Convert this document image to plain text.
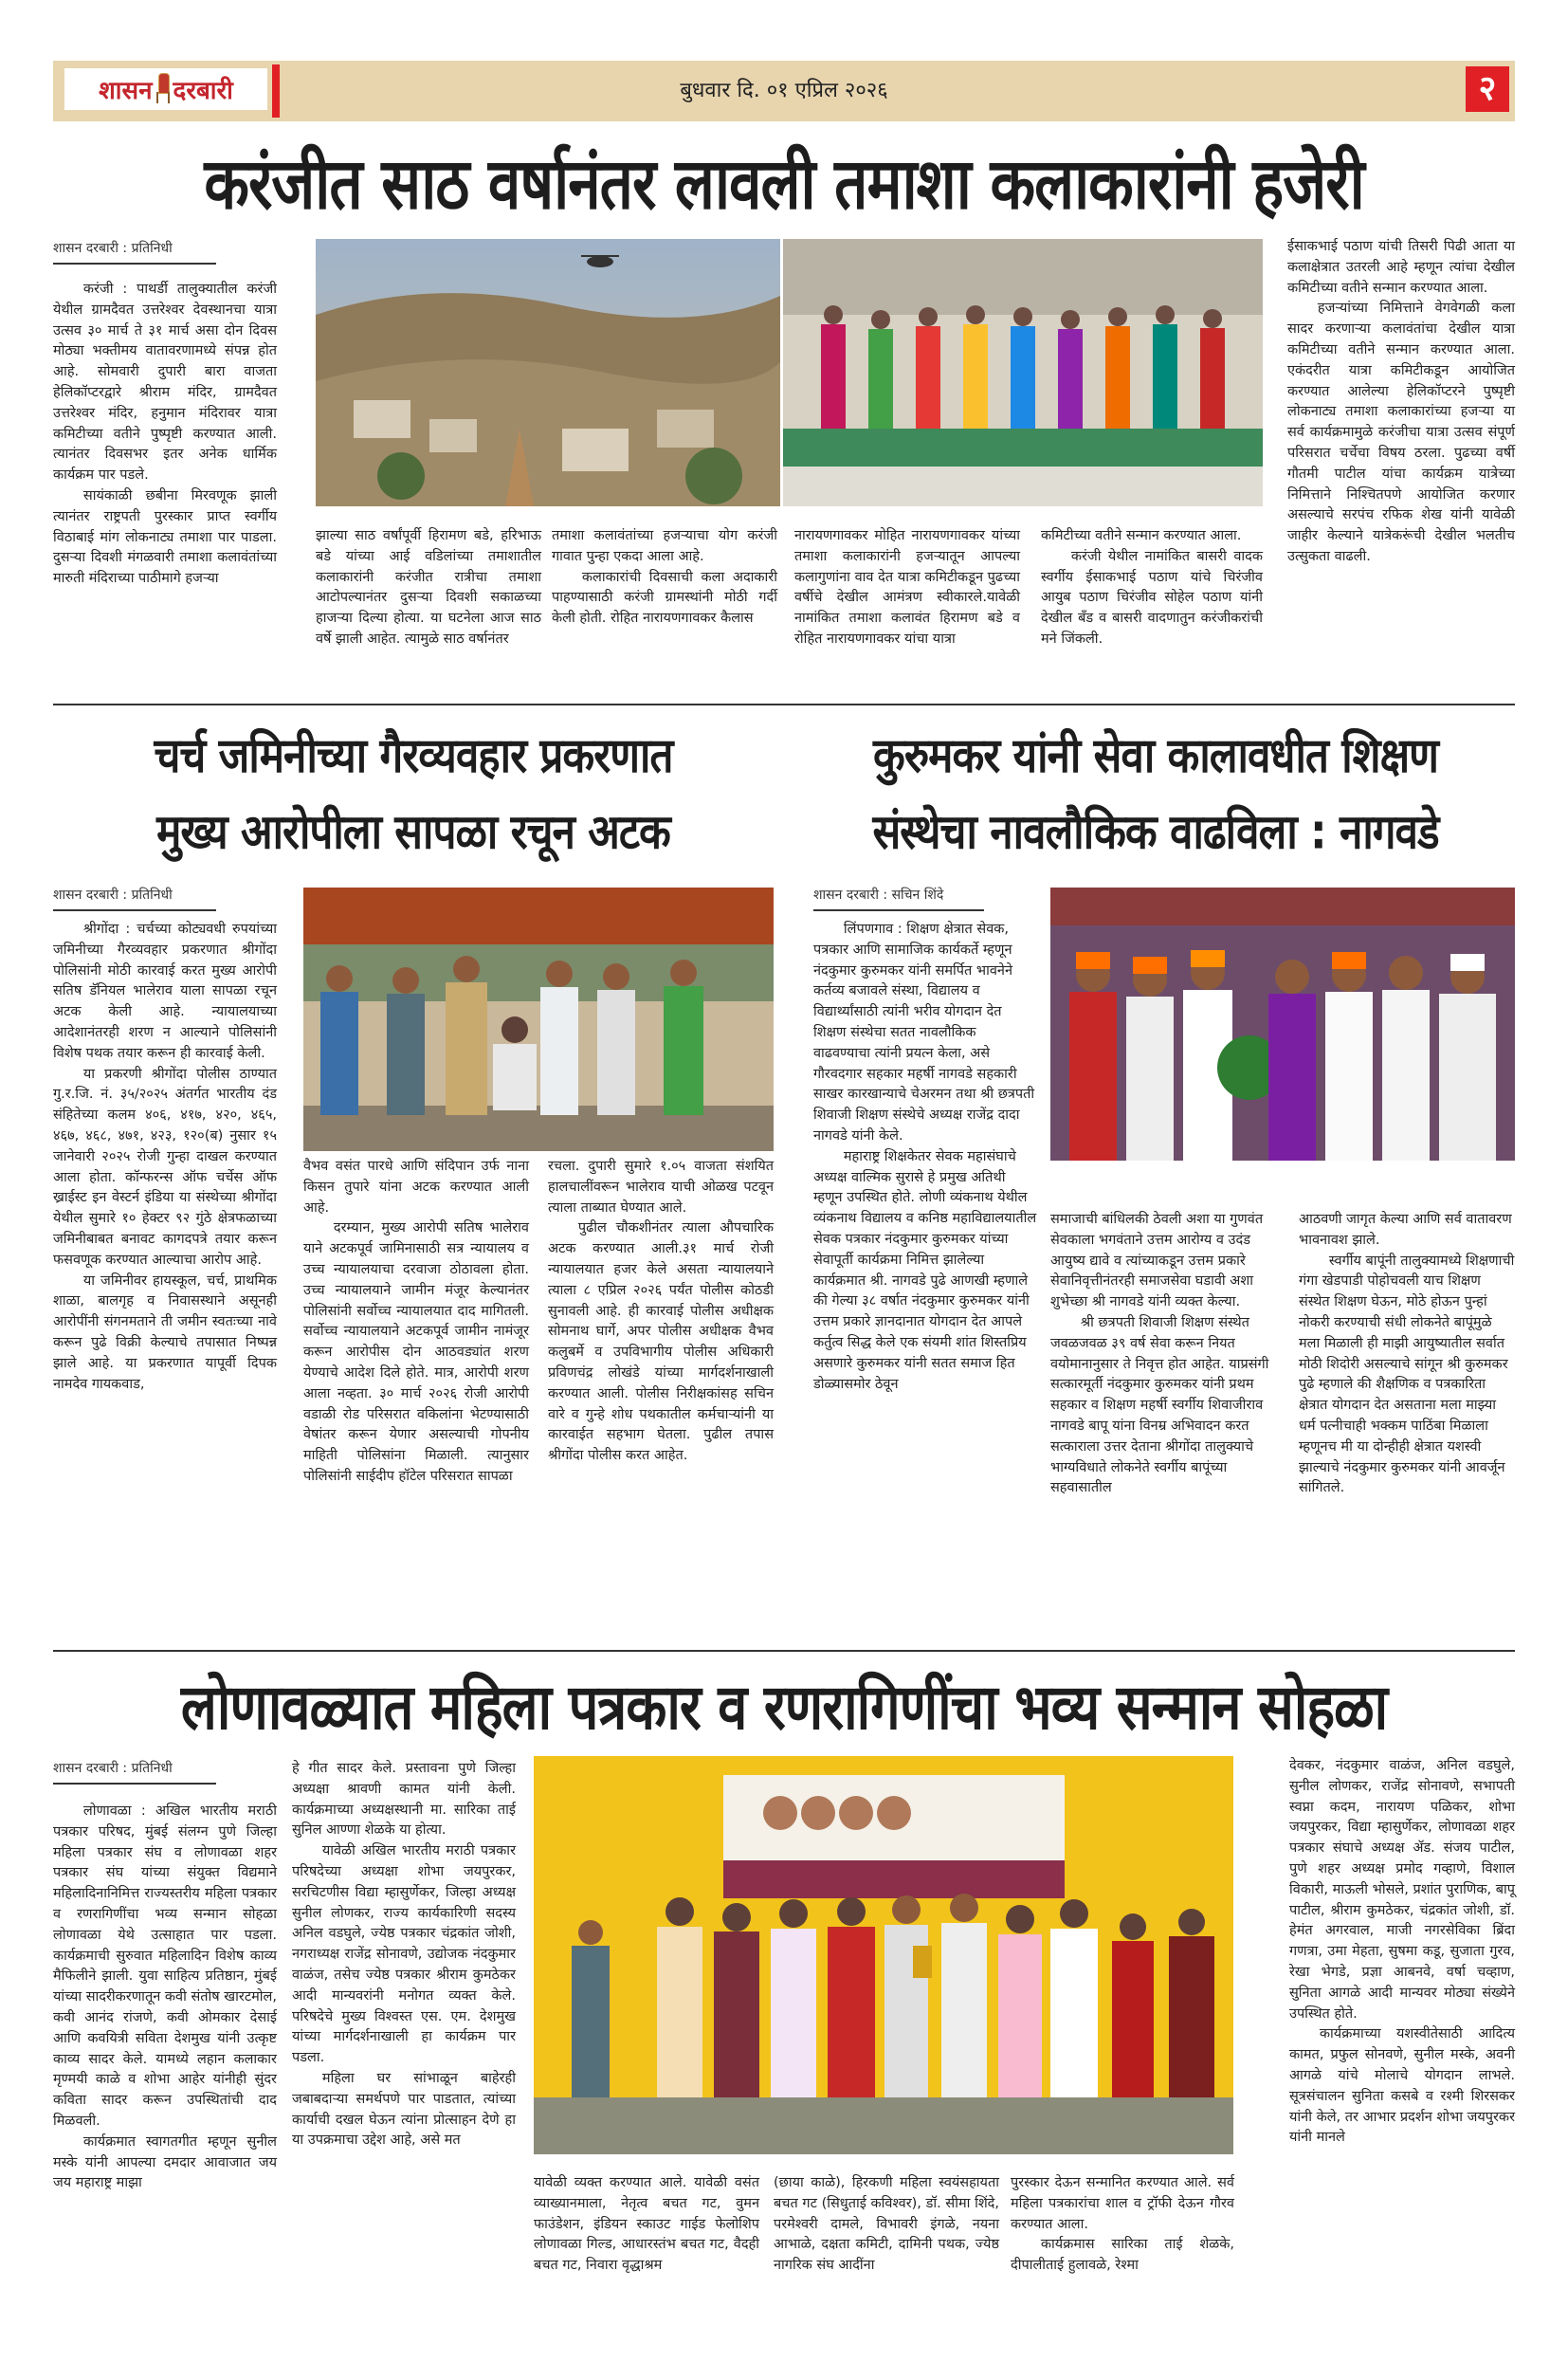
शासन दरबारी	बुधवार दि. ०१ एप्रिल २०२६	२
करंजीत साठ वर्षानंतर लावली तमाशा कलाकारांनी हजेरी
शासन दरबारी : प्रतिनिधी

करंजी : पाथर्डी तालुक्यातील करंजी येथील ग्रामदैवत उत्तरेश्वर देवस्थानचा यात्रा उत्सव ३० मार्च ते ३१ मार्च असा दोन दिवस मोठ्या भक्तीमय वातावरणामध्ये संपन्न होत आहे. सोमवारी दुपारी बारा वाजता हेलिकॉप्टरद्वारे श्रीराम मंदिर, ग्रामदैवत उत्तरेश्वर मंदिर, हनुमान मंदिरावर यात्रा कमिटीच्या वतीने पुष्पृष्टी करण्यात आली. त्यानंतर दिवसभर इतर अनेक धार्मिक कार्यक्रम पार पडले.

सायंकाळी छबीना मिरवणूक झाली त्यानंतर राष्ट्रपती पुरस्कार प्राप्त स्वर्गीय विठाबाई मांग लोकनाट्य तमाशा पार पाडला. दुसऱ्या दिवशी मंगळवारी तमाशा कलावंतांच्या मारुती मंदिराच्या पाठीमागे हजऱ्या

झाल्या साठ वर्षांपूर्वी हिरामण बडे, हरिभाऊ बडे यांच्या आई वडिलांच्या तमाशातील कलाकारांनी करंजीत रात्रीचा तमाशा आटोपल्यानंतर दुसऱ्या दिवशी सकाळच्या हाजऱ्या दिल्या होत्या. या घटनेला आज साठ वर्षे झाली आहेत. त्यामुळे साठ वर्षानंतर

तमाशा कलावंतांच्या हजऱ्याचा योग करंजी गावात पुन्हा एकदा आला आहे.

कलाकारांची दिवसाची कला अदाकारी पाहण्यासाठी करंजी ग्रामस्थांनी मोठी गर्दी केली होती. रोहित नारायणगावकर कैलास

नारायणगावकर मोहित नारायणगावकर यांच्या तमाशा कलाकारांनी हजऱ्यातून आपल्या कलागुणांना वाव देत यात्रा कमिटीकडून पुढच्या वर्षीचे देखील आमंत्रण स्वीकारले.यावेळी नामांकित तमाशा कलावंत हिरामण बडे व रोहित नारायणगावकर यांचा यात्रा

कमिटीच्या वतीने सन्मान करण्यात आला.

करंजी येथील नामांकित बासरी वादक स्वर्गीय ईसाकभाई पठाण यांचे चिरंजीव आयुब पठाण चिरंजीव सोहेल पठाण यांनी देखील बँड व बासरी वादणातुन करंजीकरांची मने जिंकली.

ईसाकभाई पठाण यांची तिसरी पिढी आता या कलाक्षेत्रात उतरली आहे म्हणून त्यांचा देखील कमिटीच्या वतीने सन्मान करण्यात आला.

हजऱ्यांच्या निमित्ताने वेगवेगळी कला सादर करणाऱ्या कलावंतांचा देखील यात्रा कमिटीच्या वतीने सन्मान करण्यात आला. एकंदरीत यात्रा कमिटीकडून आयोजित करण्यात आलेल्या हेलिकॉप्टरने पुष्पृष्टी लोकनाट्य तमाशा कलाकारांच्या हजऱ्या या सर्व कार्यक्रमामुळे करंजीचा यात्रा उत्सव संपूर्ण परिसरात चर्चेचा विषय ठरला. पुढच्या वर्षी गौतमी पाटील यांचा कार्यक्रम यात्रेच्या निमित्ताने निश्चितपणे आयोजित करणार असल्याचे सरपंच रफिक शेख यांनी यावेळी जाहीर केल्याने यात्रेकरूंची देखील भलतीच उत्सुकता वाढली.

चर्च जमिनीच्या गैरव्यवहार प्रकरणात
मुख्य आरोपीला सापळा रचून अटक
शासन दरबारी : प्रतिनिधी

श्रीगोंदा : चर्चच्या कोट्यवधी रुपयांच्या जमिनीच्या गैरव्यवहार प्रकरणात श्रीगोंदा पोलिसांनी मोठी कारवाई करत मुख्य आरोपी सतिष डॅनियल भालेराव याला सापळा रचून अटक केली आहे. न्यायालयाच्या आदेशानंतरही शरण न आल्याने पोलिसांनी विशेष पथक तयार करून ही कारवाई केली.

या प्रकरणी श्रीगोंदा पोलीस ठाण्यात गु.र.जि. नं. ३५/२०२५ अंतर्गत भारतीय दंड संहितेच्या कलम ४०६, ४१७, ४२०, ४६५, ४६७, ४६८, ४७१, ४२३, १२०(ब) नुसार १५ जानेवारी २०२५ रोजी गुन्हा दाखल करण्यात आला होता. कॉन्फरन्स ऑफ चर्चेस ऑफ ख्राईस्ट इन वेस्टर्न इंडिया या संस्थेच्या श्रीगोंदा येथील सुमारे १० हेक्टर ९२ गुंठे क्षेत्रफळाच्या जमिनीबाबत बनावट कागदपत्रे तयार करून फसवणूक करण्यात आल्याचा आरोप आहे.

या जमिनीवर हायस्कूल, चर्च, प्राथमिक शाळा, बालगृह व निवासस्थाने असूनही आरोपींनी संगनमताने ती जमीन स्वतःच्या नावे करून पुढे विक्री केल्याचे तपासात निष्पन्न झाले आहे. या प्रकरणात यापूर्वी दिपक नामदेव गायकवाड,

वैभव वसंत पारधे आणि संदिपान उर्फ नाना किसन तुपारे यांना अटक करण्यात आली आहे.

दरम्यान, मुख्य आरोपी सतिष भालेराव याने अटकपूर्व जामिनासाठी सत्र न्यायालय व उच्च न्यायालयाचा दरवाजा ठोठावला होता. उच्च न्यायालयाने जामीन मंजूर केल्यानंतर पोलिसांनी सर्वोच्च न्यायालयात दाद मागितली. सर्वोच्च न्यायालयाने अटकपूर्व जामीन नामंजूर करून आरोपीस दोन आठवड्यांत शरण येण्याचे आदेश दिले होते. मात्र, आरोपी शरण आला नव्हता. ३० मार्च २०२६ रोजी आरोपी वडाळी रोड परिसरात वकिलांना भेटण्यासाठी वेषांतर करून येणार असल्याची गोपनीय माहिती पोलिसांना मिळाली. त्यानुसार पोलिसांनी साईदीप हॉटेल परिसरात सापळा

रचला. दुपारी सुमारे १.०५ वाजता संशयित हालचालींवरून भालेराव याची ओळख पटवून त्याला ताब्यात घेण्यात आले.

पुढील चौकशीनंतर त्याला औपचारिक अटक करण्यात आली.३१ मार्च रोजी न्यायालयात हजर केले असता न्यायालयाने त्याला ८ एप्रिल २०२६ पर्यंत पोलीस कोठडी सुनावली आहे. ही कारवाई पोलीस अधीक्षक सोमनाथ घार्गे, अपर पोलीस अधीक्षक वैभव कलुबर्मे व उपविभागीय पोलीस अधिकारी प्रविणचंद्र लोखंडे यांच्या मार्गदर्शनाखाली करण्यात आली. पोलीस निरीक्षकांसह सचिन वारे व गुन्हे शोध पथकातील कर्मचाऱ्यांनी या कारवाईत सहभाग घेतला. पुढील तपास श्रीगोंदा पोलीस करत आहेत.

कुरुमकर यांनी सेवा कालावधीत शिक्षण
संस्थेचा नावलौकिक वाढविला : नागवडे
शासन दरबारी : सचिन शिंदे

लिंपणगाव : शिक्षण क्षेत्रात सेवक, पत्रकार आणि सामाजिक कार्यकर्ते म्हणून नंदकुमार कुरुमकर यांनी समर्पित भावनेने कर्तव्य बजावले संस्था, विद्यालय व विद्यार्थ्यांसाठी त्यांनी भरीव योगदान देत शिक्षण संस्थेचा सतत नावलौकिक वाढवण्याचा त्यांनी प्रयत्न केला, असे गौरवदगार सहकार महर्षी नागवडे सहकारी साखर कारखान्याचे चेअरमन तथा श्री छत्रपती शिवाजी शिक्षण संस्थेचे अध्यक्ष राजेंद्र दादा नागवडे यांनी केले.

महाराष्ट्र शिक्षकेतर सेवक महासंघाचे अध्यक्ष वाल्मिक सुरासे हे प्रमुख अतिथी म्हणून उपस्थित होते. लोणी व्यंकनाथ येथील व्यंकनाथ विद्यालय व कनिष्ठ महाविद्यालयातील सेवक पत्रकार नंदकुमार कुरुमकर यांच्या सेवापूर्ती कार्यक्रमा निमित्त झालेल्या कार्यक्रमात श्री. नागवडे पुढे आणखी म्हणाले की गेल्या ३८ वर्षात नंदकुमार कुरुमकर यांनी उत्तम प्रकारे ज्ञानदानात योगदान देत आपले कर्तुत्व सिद्ध केले एक संयमी शांत शिस्तप्रिय असणारे कुरुमकर यांनी सतत समाज हित डोळ्यासमोर ठेवून

समाजाची बांधिलकी ठेवली अशा या गुणवंत सेवकाला भगवंताने उत्तम आरोग्य व उदंड आयुष्य द्यावे व त्यांच्याकडून उत्तम प्रकारे सेवानिवृत्तीनंतरही समाजसेवा घडावी अशा शुभेच्छा श्री नागवडे यांनी व्यक्त केल्या.

श्री छत्रपती शिवाजी शिक्षण संस्थेत जवळजवळ ३९ वर्ष सेवा करून नियत वयोमानानुसार ते निवृत्त होत आहेत. याप्रसंगी सत्कारमूर्ती नंदकुमार कुरुमकर यांनी प्रथम सहकार व शिक्षण महर्षी स्वर्गीय शिवाजीराव नागवडे बापू यांना विनम्र अभिवादन करत सत्काराला उत्तर देताना श्रीगोंदा तालुक्याचे भाग्यविधाते लोकनेते स्वर्गीय बापूंच्या सहवासातील

आठवणी जागृत केल्या आणि सर्व वातावरण भावनावश झाले.

स्वर्गीय बापूंनी तालुक्यामध्ये शिक्षणाची गंगा खेडपाडी पोहोचवली याच शिक्षण संस्थेत शिक्षण घेऊन, मोठे होऊन पुन्हां नोकरी करण्याची संधी लोकनेते बापूंमुळे मला मिळाली ही माझी आयुष्यातील सर्वात मोठी शिदोरी असल्याचे सांगून श्री कुरुमकर पुढे म्हणाले की शैक्षणिक व पत्रकारिता क्षेत्रात योगदान देत असताना मला माझ्या धर्म पत्नीचाही भक्कम पाठिंबा मिळाला म्हणूनच मी या दोन्हीही क्षेत्रात यशस्वी झाल्याचे नंदकुमार कुरुमकर यांनी आवर्जून सांगितले.

लोणावळ्यात महिला पत्रकार व रणरागिणींचा भव्य सन्मान सोहळा
शासन दरबारी : प्रतिनिधी

लोणावळा : अखिल भारतीय मराठी पत्रकार परिषद, मुंबई संलग्न पुणे जिल्हा महिला पत्रकार संघ व लोणावळा शहर पत्रकार संघ यांच्या संयुक्त विद्यमाने महिलादिनानिमित्त राज्यस्तरीय महिला पत्रकार व रणरागिणींचा भव्य सन्मान सोहळा लोणावळा येथे उत्साहात पार पडला. कार्यक्रमाची सुरुवात महिलादिन विशेष काव्य मैफिलीने झाली. युवा साहित्य प्रतिष्ठान, मुंबई यांच्या सादरीकरणातून कवी संतोष खारटमोल, कवी आनंद रांजणे, कवी ओमकार देसाई आणि कवयित्री सविता देशमुख यांनी उत्कृष्ट काव्य सादर केले. यामध्ये लहान कलाकार मृण्मयी काळे व शोभा आहेर यांनीही सुंदर कविता सादर करून उपस्थितांची दाद मिळवली.

कार्यक्रमात स्वागतगीत म्हणून सुनील मस्के यांनी आपल्या दमदार आवाजात जय जय महाराष्ट्र माझा

हे गीत सादर केले. प्रस्तावना पुणे जिल्हा अध्यक्षा श्रावणी कामत यांनी केली. कार्यक्रमाच्या अध्यक्षस्थानी मा. सारिका ताई सुनिल आण्णा शेळके या होत्या.

यावेळी अखिल भारतीय मराठी पत्रकार परिषदेच्या अध्यक्षा शोभा जयपुरकर, सरचिटणीस विद्या म्हासुर्णेकर, जिल्हा अध्यक्ष सुनील लोणकर, राज्य कार्यकारिणी सदस्य अनिल वडघुले, ज्येष्ठ पत्रकार चंद्रकांत जोशी, नगराध्यक्ष राजेंद्र सोनावणे, उद्योजक नंदकुमार वाळंज, तसेच ज्येष्ठ पत्रकार श्रीराम कुमठेकर आदी मान्यवरांनी मनोगत व्यक्त केले. परिषदेचे मुख्य विश्वस्त एस. एम. देशमुख यांच्या मार्गदर्शनाखाली हा कार्यक्रम पार पडला.

महिला घर सांभाळून बाहेरही जबाबदाऱ्या समर्थपणे पार पाडतात, त्यांच्या कार्याची दखल घेऊन त्यांना प्रोत्साहन देणे हा या उपक्रमाचा उद्देश आहे, असे मत

यावेळी व्यक्त करण्यात आले. यावेळी वसंत व्याख्यानमाला, नेतृत्व बचत गट, वुमन फाउंडेशन, इंडियन स्काउट गाईड फेलोशिप लोणावळा गिल्ड, आधारस्तंभ बचत गट, वैदही बचत गट, निवारा वृद्धाश्रम

(छाया काळे), हिरकणी महिला स्वयंसहायता बचत गट (सिधुताई कविश्वर), डॉ. सीमा शिंदे, परमेश्वरी दामले, विभावरी इंगळे, नयना आभाळे, दक्षता कमिटी, दामिनी पथक, ज्येष्ठ नागरिक संघ आदींना

पुरस्कार देऊन सन्मानित करण्यात आले. सर्व महिला पत्रकारांचा शाल व ट्रॉफी देऊन गौरव करण्यात आला.

कार्यक्रमास सारिका ताई शेळके, दीपालीताई हुलावळे, रेश्मा

देवकर, नंदकुमार वाळंज, अनिल वडघुले, सुनील लोणकर, राजेंद्र सोनावणे, सभापती स्वप्ना कदम, नारायण पळिकर, शोभा जयपुरकर, विद्या म्हासुर्णेकर, लोणावळा शहर पत्रकार संघाचे अध्यक्ष ॲड. संजय पाटील, पुणे शहर अध्यक्ष प्रमोद गव्हाणे, विशाल विकारी, माऊली भोसले, प्रशांत पुराणिक, बापू पाटील, श्रीराम कुमठेकर, चंद्रकांत जोशी, डॉ. हेमंत अगरवाल, माजी नगरसेविका ब्रिंदा गणत्रा, उमा मेहता, सुषमा कडू, सुजाता गुरव, रेखा भेगडे, प्रज्ञा आबनवे, वर्षा चव्हाण, सुनिता आगळे आदी मान्यवर मोठ्या संख्येने उपस्थित होते.

कार्यक्रमाच्या यशस्वीतेसाठी आदित्य कामत, प्रफुल सोनवणे, सुनील मस्के, अवनी आगळे यांचे मोलाचे योगदान लाभले. सूत्रसंचालन सुनिता कसबे व रश्मी शिरसकर यांनी केले, तर आभार प्रदर्शन शोभा जयपुरकर यांनी मानले
